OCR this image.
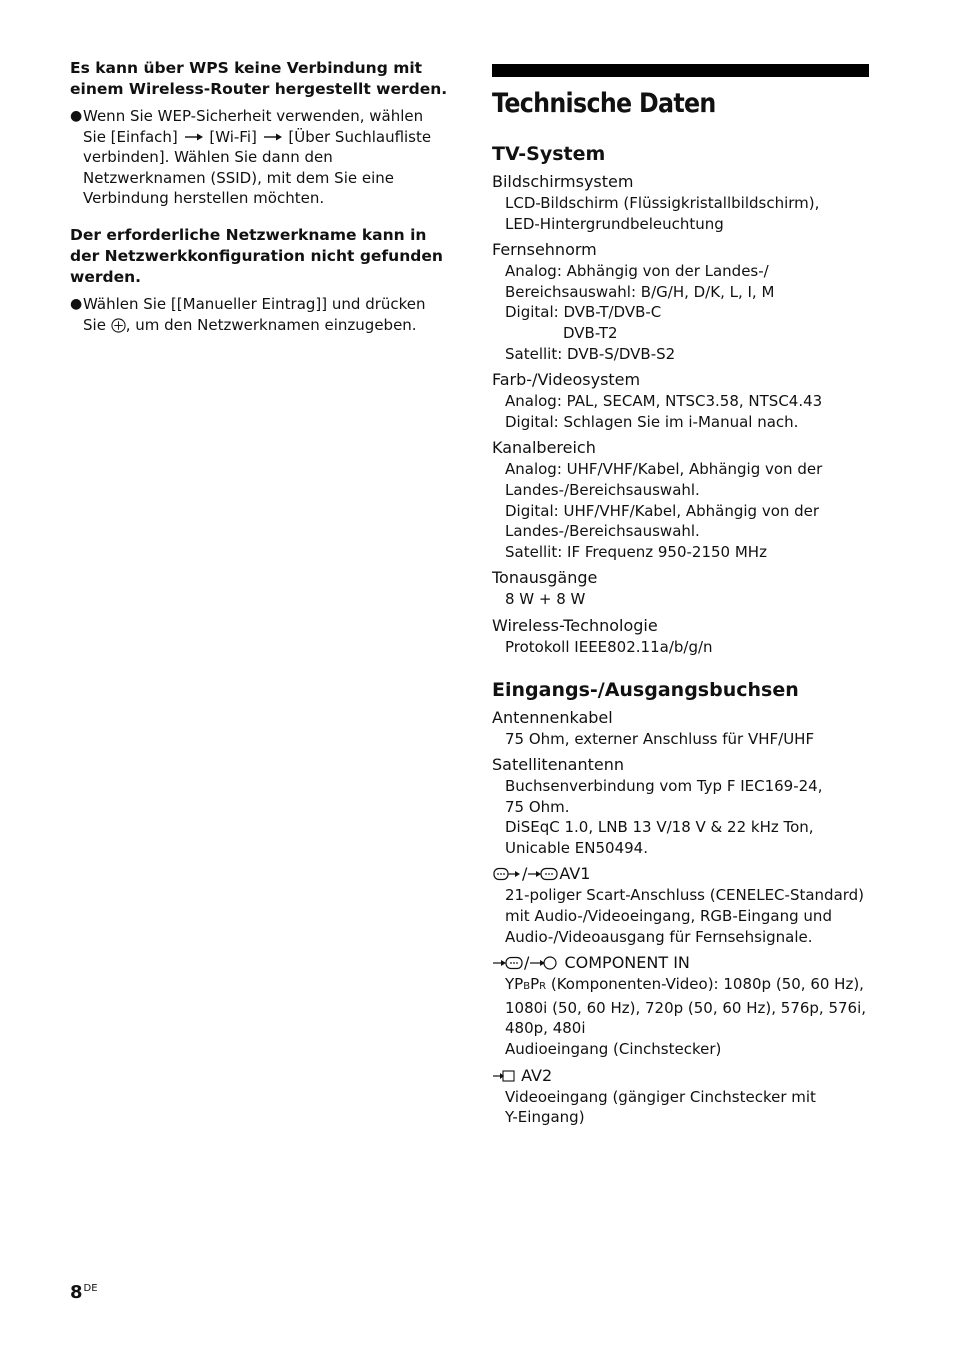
Es kann über WPS keine Verbindung mit einem Wireless-Router hergestellt werden.
● Wenn Sie WEP-Sicherheit verwenden, wählen Sie [Einfach] [Wi-Fi] [Über Suchlaufliste verbinden]. Wählen Sie dann den Netzwerknamen (SSID), mit dem Sie eine Verbindung herstellen möchten.
Der erforderliche Netzwerkname kann in der Netzwerkkonfiguration nicht gefunden werden.
● Wählen Sie [[Manueller Eintrag]] und drücken Sie , um den Netzwerknamen einzugeben.
Technische Daten
TV-System
Bildschirmsystem
LCD-Bildschirm (Flüssigkristallbildschirm),
LED-Hintergrundbeleuchtung
Fernsehnorm
Analog: Abhängig von der Landes-/
Bereichsauswahl: B/G/H, D/K, L, I, M
Digital: DVB-T/DVB-C
DVB-T2
Satellit: DVB-S/DVB-S2
Farb-/Videosystem
Analog: PAL, SECAM, NTSC3.58, NTSC4.43
Digital: Schlagen Sie im i-Manual nach.
Kanalbereich
Analog: UHF/VHF/Kabel, Abhängig von der
Landes-/Bereichsauswahl.
Digital: UHF/VHF/Kabel, Abhängig von der
Landes-/Bereichsauswahl.
Satellit: IF Frequenz 950-2150 MHz
Tonausgänge
8 W + 8 W
Wireless-Technologie
Protokoll IEEE802.11a/b/g/n
Eingangs-/Ausgangsbuchsen
Antennenkabel
75 Ohm, externer Anschluss für VHF/UHF
Satellitenantenn
Buchsenverbindung vom Typ F IEC169-24,
75 Ohm.
DiSEqC 1.0, LNB 13 V/18 V & 22 kHz Ton,
Unicable EN50494.
/ AV1
21-poliger Scart-Anschluss (CENELEC-Standard)
mit Audio-/Videoeingang, RGB-Eingang und
Audio-/Videoausgang für Fernsehsignale.
/ COMPONENT IN
YPBPR (Komponenten-Video): 1080p (50, 60 Hz),
1080i (50, 60 Hz), 720p (50, 60 Hz), 576p, 576i,
480p, 480i
Audioeingang (Cinchstecker)
AV2
Videoeingang (gängiger Cinchstecker mit
Y-Eingang)
8DE
